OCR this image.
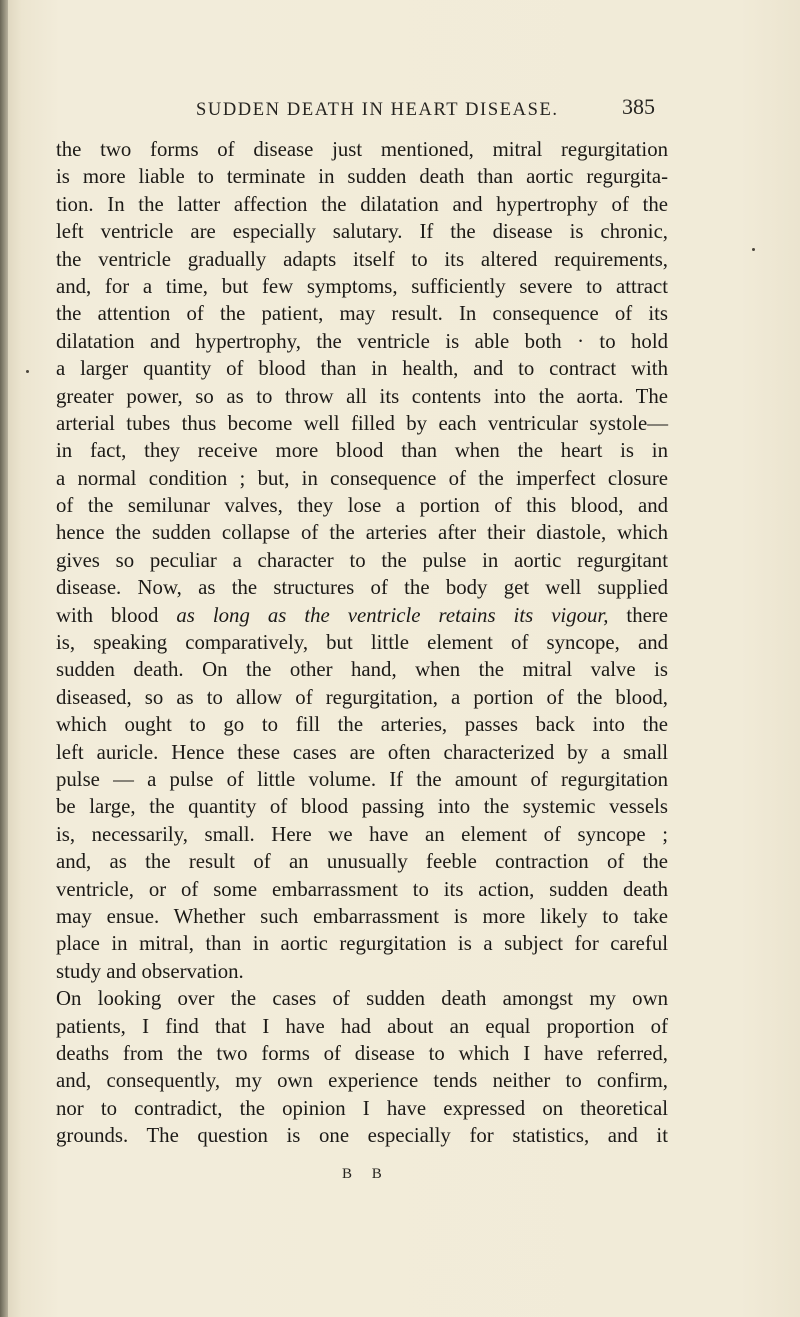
SUDDEN DEATH IN HEART DISEASE.	385
the two forms of disease just mentioned, mitral regurgitation
is more liable to terminate in sudden death than aortic regurgita-
tion. In the latter affection the dilatation and hypertrophy of the
left ventricle are especially salutary. If the disease is chronic,
the ventricle gradually adapts itself to its altered requirements,
and, for a time, but few symptoms, sufficiently severe to attract
the attention of the patient, may result. In consequence of its
dilatation and hypertrophy, the ventricle is able both · to hold
a larger quantity of blood than in health, and to contract with
greater power, so as to throw all its contents into the aorta. The
arterial tubes thus become well filled by each ventricular systole—
in fact, they receive more blood than when the heart is in
a normal condition ; but, in consequence of the imperfect closure
of the semilunar valves, they lose a portion of this blood, and
hence the sudden collapse of the arteries after their diastole, which
gives so peculiar a character to the pulse in aortic regurgitant
disease. Now, as the structures of the body get well supplied
with blood as long as the ventricle retains its vigour, there
is, speaking comparatively, but little element of syncope, and
sudden death. On the other hand, when the mitral valve is
diseased, so as to allow of regurgitation, a portion of the blood,
which ought to go to fill the arteries, passes back into the
left auricle. Hence these cases are often characterized by a small
pulse — a pulse of little volume. If the amount of regurgitation
be large, the quantity of blood passing into the systemic vessels
is, necessarily, small. Here we have an element of syncope ;
and, as the result of an unusually feeble contraction of the
ventricle, or of some embarrassment to its action, sudden death
may ensue. Whether such embarrassment is more likely to take
place in mitral, than in aortic regurgitation is a subject for careful
study and observation.
On looking over the cases of sudden death amongst my own
patients, I find that I have had about an equal proportion of
deaths from the two forms of disease to which I have referred,
and, consequently, my own experience tends neither to confirm,
nor to contradict, the opinion I have expressed on theoretical
grounds. The question is one especially for statistics, and it
B B
